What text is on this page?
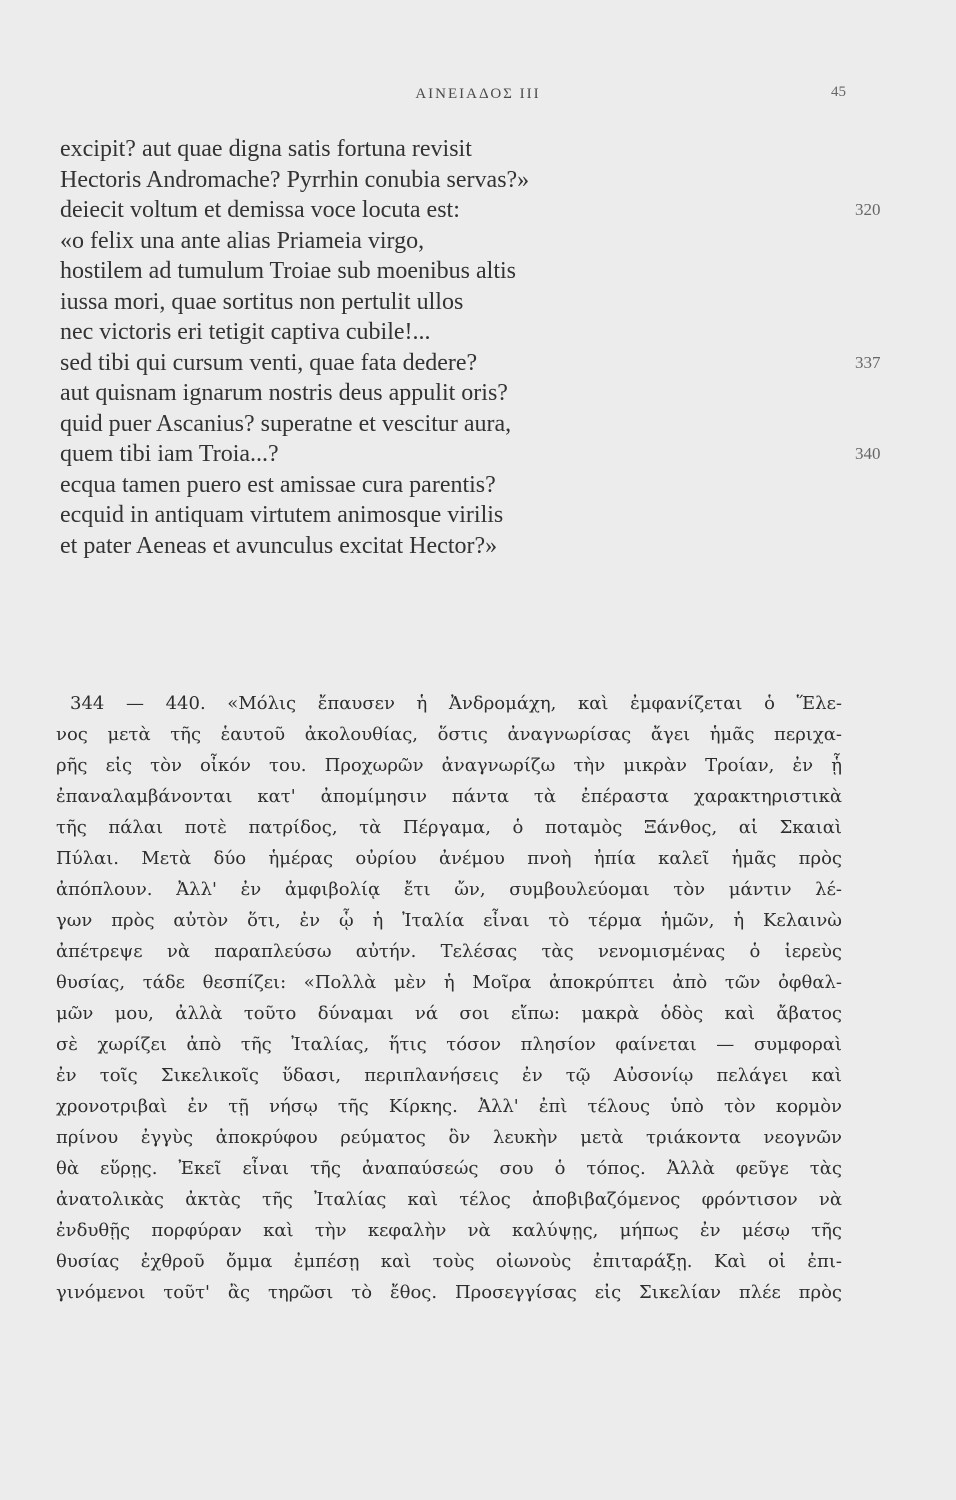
ΑΙΝΕΙΑΔΟΣ III	45
excipit? aut quae digna satis fortuna revisit
Hectoris Andromache? Pyrrhin conubia servas?»
deiecit voltum et demissa voce locuta est:	320
«o felix una ante alias Priameia virgo,
hostilem ad tumulum Troiae sub moenibus altis
iussa mori, quae sortitus non pertulit ullos
nec victoris eri tetigit captiva cubile!...
sed tibi qui cursum venti, quae fata dedere?	337
aut quisnam ignarum nostris deus appulit oris?
quid puer Ascanius? superatne et vescitur aura,
quem tibi iam Troia...?	340
ecqua tamen puero est amissae cura parentis?
ecquid in antiquam virtutem animosque virilis
et pater Aeneas et avunculus excitat Hector?»
344 — 440. «Μόλις ἔπαυσεν ἡ Ἀνδρομάχη, καὶ ἐμφανίζεται ὁ Ἕλε-
νος μετὰ τῆς ἑαυτοῦ ἀκολουθίας, ὅστις ἀναγνωρίσας ἄγει ἡμᾶς περιχα-
ρῆς εἰς τὸν οἶκόν του. Προχωρῶν ἀναγνωρίζω τὴν μικρὰν Τροίαν, ἐν ᾗ
ἐπαναλαμβάνονται κατ' ἀπομίμησιν πάντα τὰ ἐπέραστα χαρακτηριστικὰ
τῆς πάλαι ποτὲ πατρίδος, τὰ Πέργαμα, ὁ ποταμὸς Ξάνθος, αἱ Σκαιαὶ
Πύλαι. Μετὰ δύο ἡμέρας οὐρίου ἀνέμου πνοὴ ἠπία καλεῖ ἡμᾶς πρὸς
ἀπόπλουν. Ἀλλ' ἐν ἀμφιβολίᾳ ἔτι ὤν, συμβουλεύομαι τὸν μάντιν λέ-
γων πρὸς αὐτὸν ὅτι, ἐν ᾧ ἡ Ἰταλία εἶναι τὸ τέρμα ἡμῶν, ἡ Κελαινὼ
ἀπέτρεψε νὰ παραπλεύσω αὐτήν. Τελέσας τὰς νενομισμένας ὁ ἱερεὺς
θυσίας, τάδε θεσπίζει: «Πολλὰ μὲν ἡ Μοῖρα ἀποκρύπτει ἀπὸ τῶν ὀφθαλ-
μῶν μου, ἀλλὰ τοῦτο δύναμαι νά σοι εἴπω: μακρὰ ὁδὸς καὶ ἄβατος
σὲ χωρίζει ἀπὸ τῆς Ἰταλίας, ἥτις τόσον πλησίον φαίνεται — συμφοραὶ
ἐν τοῖς Σικελικοῖς ὕδασι, περιπλανήσεις ἐν τῷ Αὐσονίῳ πελάγει καὶ
χρονοτριβαὶ ἐν τῇ νήσῳ τῆς Κίρκης. Ἀλλ' ἐπὶ τέλους ὑπὸ τὸν κορμὸν
πρίνου ἐγγὺς ἀποκρύφου ρεύματος ὃν λευκὴν μετὰ τριάκοντα νεογνῶν
θὰ εὕρῃς. Ἐκεῖ εἶναι τῆς ἀναπαύσεώς σου ὁ τόπος. Ἀλλὰ φεῦγε τὰς
ἀνατολικὰς ἀκτὰς τῆς Ἰταλίας καὶ τέλος ἀποβιβαζόμενος φρόντισον νὰ
ἐνδυθῇς πορφύραν καὶ τὴν κεφαλὴν νὰ καλύψῃς, μήπως ἐν μέσῳ τῆς
θυσίας ἐχθροῦ ὄμμα ἐμπέσῃ καὶ τοὺς οἰωνοὺς ἐπιταράξῃ. Καὶ οἱ ἐπι-
γινόμενοι τοῦτ' ἂς τηρῶσι τὸ ἔθος. Προσεγγίσας εἰς Σικελίαν πλέε πρὸς
